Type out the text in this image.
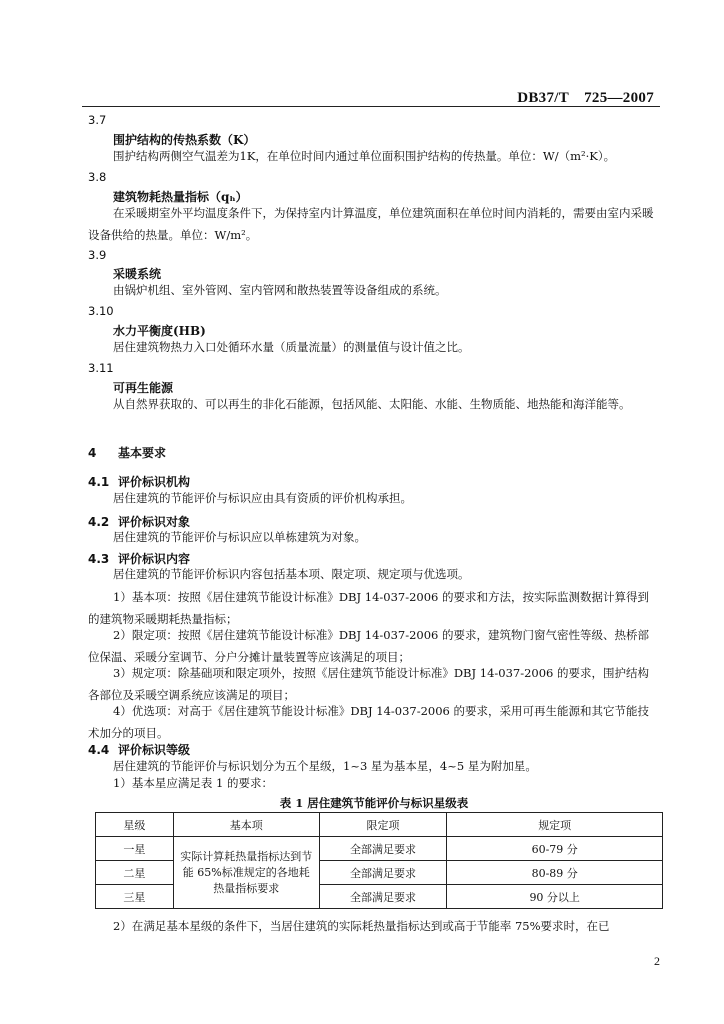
DB37/T　725—2007
3.7
围护结构的传热系数（K）
围护结构两侧空气温差为1K，在单位时间内通过单位面积围护结构的传热量。单位：W/（m²·K）。
3.8
建筑物耗热量指标（qₕ）
在采暖期室外平均温度条件下，为保持室内计算温度，单位建筑面积在单位时间内消耗的，需要由室内采暖设备供给的热量。单位：W/m²。
3.9
采暖系统
由锅炉机组、室外管网、室内管网和散热装置等设备组成的系统。
3.10
水力平衡度(HB)
居住建筑物热力入口处循环水量（质量流量）的测量值与设计值之比。
3.11
可再生能源
从自然界获取的、可以再生的非化石能源，包括风能、太阳能、水能、生物质能、地热能和海洋能等。
4 基本要求
4.1 评价标识机构
居住建筑的节能评价与标识应由具有资质的评价机构承担。
4.2 评价标识对象
居住建筑的节能评价与标识应以单栋建筑为对象。
4.3 评价标识内容
居住建筑的节能评价标识内容包括基本项、限定项、规定项与优选项。
1）基本项：按照《居住建筑节能设计标准》DBJ 14-037-2006 的要求和方法，按实际监测数据计算得到的建筑物采暖期耗热量指标；
2）限定项：按照《居住建筑节能设计标准》DBJ 14-037-2006 的要求，建筑物门窗气密性等级、热桥部位保温、采暖分室调节、分户分摊计量装置等应该满足的项目；
3）规定项：除基础项和限定项外，按照《居住建筑节能设计标准》DBJ 14-037-2006 的要求，围护结构各部位及采暖空调系统应该满足的项目；
4）优选项：对高于《居住建筑节能设计标准》DBJ 14-037-2006 的要求，采用可再生能源和其它节能技术加分的项目。
4.4 评价标识等级
居住建筑的节能评价与标识划分为五个星级，1~3 星为基本星，4~5 星为附加星。
1）基本星应满足表 1 的要求：
表 1 居住建筑节能评价与标识星级表
星级	基本项	限定项	规定项
一星	实际计算耗热量指标达到节能 65%标准规定的各地耗热量指标要求	全部满足要求	60-79 分
二星		全部满足要求	80-89 分
三星		全部满足要求	90 分以上
2）在满足基本星级的条件下，当居住建筑的实际耗热量指标达到或高于节能率 75%要求时，在已
2
